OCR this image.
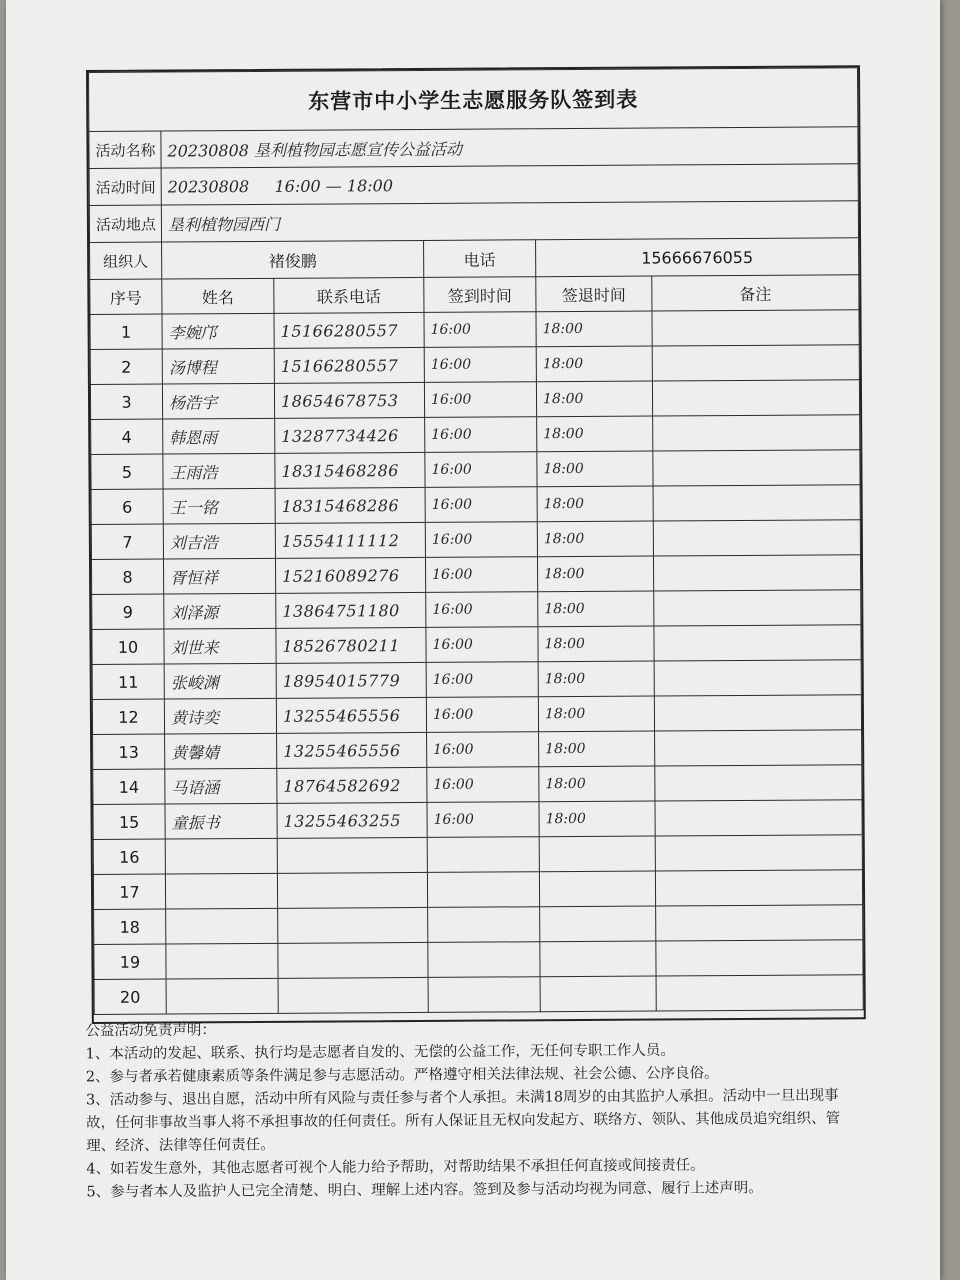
东营市中小学生志愿服务队签到表					
活动名称	20230808 垦利植物园志愿宣传公益活动				
活动时间	20230808     16:00 — 18:00				
活动地点	垦利植物园西门				
组织人	褚俊鹏		电话	15666676055	
序号	姓名	联系电话	签到时间	签退时间	备注
1	李婉邝	15166280557	16:00	18:00	
2	汤博程	15166280557	16:00	18:00	
3	杨浩宇	18654678753	16:00	18:00	
4	韩恩雨	13287734426	16:00	18:00	
5	王雨浩	18315468286	16:00	18:00	
6	王一铭	18315468286	16:00	18:00	
7	刘吉浩	15554111112	16:00	18:00	
8	胥恒祥	15216089276	16:00	18:00	
9	刘泽源	13864751180	16:00	18:00	
10	刘世来	18526780211	16:00	18:00	
11	张峻渊	18954015779	16:00	18:00	
12	黄诗奕	13255465556	16:00	18:00	
13	黄馨婧	13255465556	16:00	18:00	
14	马语涵	18764582692	16:00	18:00	
15	童振书	13255463255	16:00	18:00	
16					
17					
18					
19					
20					

公益活动免责声明：

1、本活动的发起、联系、执行均是志愿者自发的、无偿的公益工作，无任何专职工作人员。

2、参与者承若健康素质等条件满足参与志愿活动。严格遵守相关法律法规、社会公德、公序良俗。

3、活动参与、退出自愿，活动中所有风险与责任参与者个人承担。未满18周岁的由其监护人承担。活动中一旦出现事故，任何非事故当事人将不承担事故的任何责任。所有人保证且无权向发起方、联络方、领队、其他成员追究组织、管理、经济、法律等任何责任。

4、如若发生意外，其他志愿者可视个人能力给予帮助，对帮助结果不承担任何直接或间接责任。

5、参与者本人及监护人已完全清楚、明白、理解上述内容。签到及参与活动均视为同意、履行上述声明。
